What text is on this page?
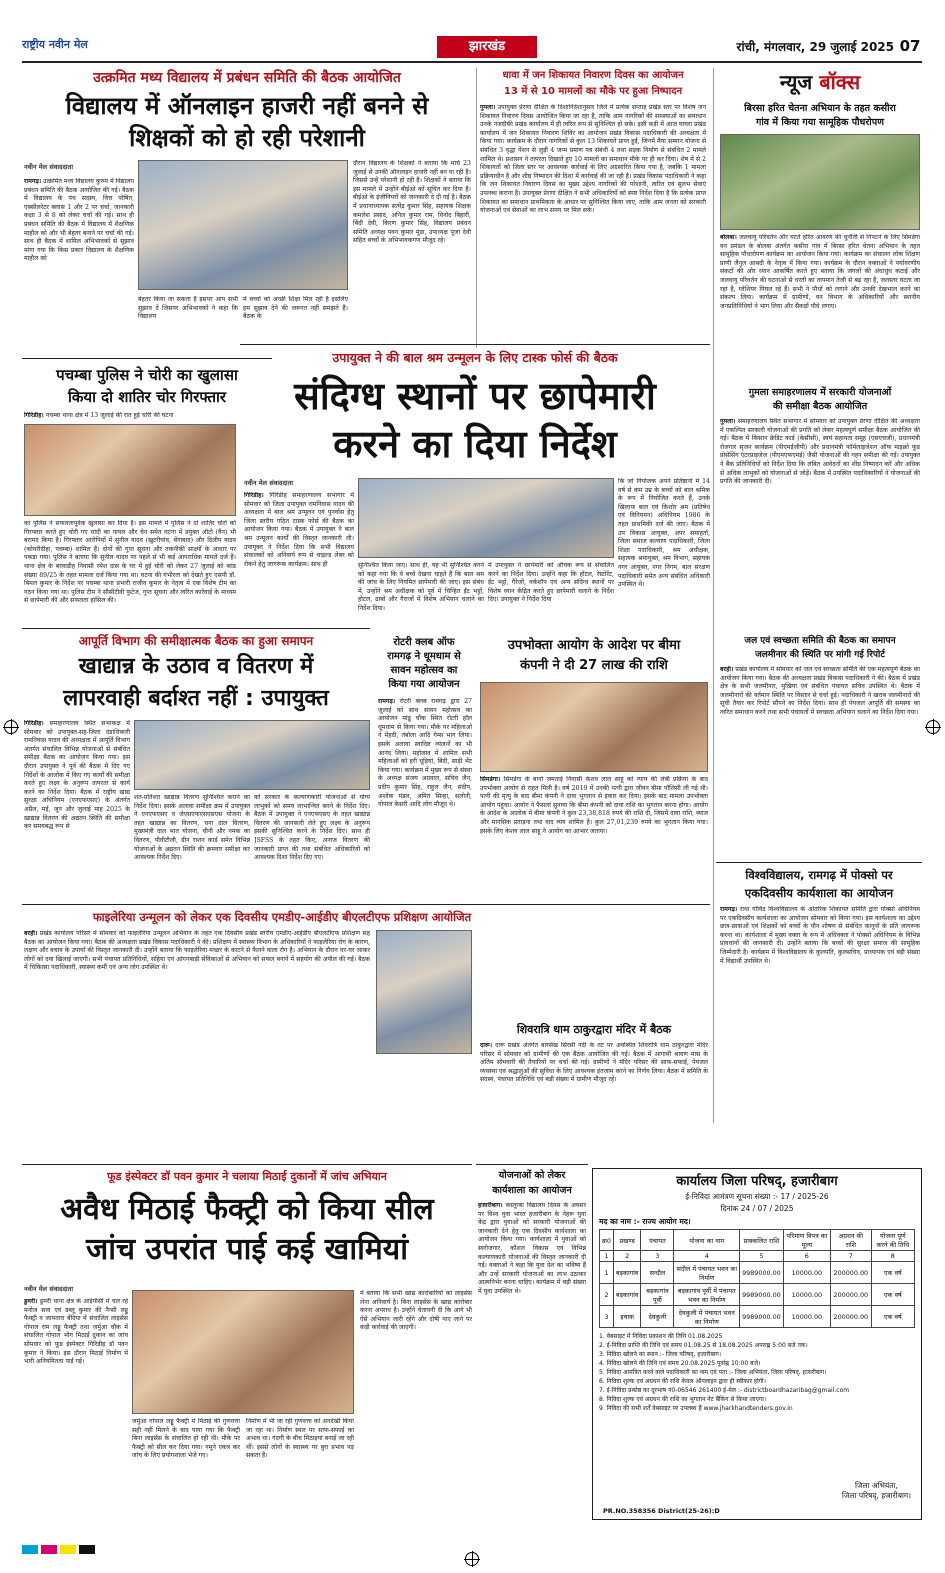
राष्ट्रीय नवीन मेल	झारखंड	रांची, मंगलवार, 29 जुलाई 2025 07
उत्क्रमित मध्य विद्यालय में प्रबंधन समिति की बैठक आयोजित
विद्यालय में ऑनलाइन हाजरी नहीं बनने से
शिक्षकों को हो रही परेशानी
नवीन मेल संवाददाता
रामगढ़। उत्क्रमित मध्य विद्यालय कुरुम में विद्यालय प्रबंधन समिति की बैठक आयोजित की गई। बैठक में विद्यालय के पंच सदस्य, वित्त पोषित, एक्सीलरेटर क्लास 1 और 2 पर चर्चा, जानकारी कक्षा 3 से 8 को लेकर चर्चा की गई। साथ ही प्रबंधन समिति की बैठक में विद्यालय में शैक्षणिक माहौल को और भी बेहतर बनाने पर चर्चा की गई। साथ ही बैठक में शामिल अभिभावकों से सुझाव मांगा गया कि किस प्रकार विद्यालय के शैक्षणिक माहौल को
बेहतर किया जा सकता है इसपर आप सभी सुझाव दें जिसपर अभिभावकों ने कहा कि विद्यालय
में बच्चों को अच्छी शिक्षा मिल रही है इसलिए हम सुझाव देने की जरूरत नहीं समझते हैं। बैठक के
दौरान विद्यालय के शिक्षकों ने बताया कि मार्च 23 जुलाई से उनकी ऑनलाइन हाजरी नहीं बन पा रही है। जिससे उन्हें परेशानी हो रही है। शिक्षकों ने बताया कि इस मामले में उन्होंने बीईओ को सूचित कर दिया है। बीईओ के इंजीनियरों को जानकारी दे दी गई है। बैठक में प्रधानाध्यापक सत्येंद्र कुमार सिंह, सहायक शिक्षक कमलेश प्रसाद, अनिल कुमार राम, विनोद बिहारी, बिंदी देवी, किरण कुमार सिंह, विद्यालय प्रबंधन समिति अध्यक्ष पवन कुमार मुंडा, उपाध्यक्ष पूजा देवी सहित बच्चों के अभिभावकगण मौजूद रहे।
पचम्बा पुलिस ने चोरी का खुलासा
किया दो शातिर चोर गिरफ्तार
गिरिडीह। पचम्बा थाना क्षेत्र में 13 जुलाई की रात हुई चोरी की घटना
का पुलिस ने सफलतापूर्वक खुलासा कर दिया है। इस मामले में पुलिस ने दो शातिर चोरों को गिरफ्तार करते हुए चोरी गए चांदी का पायल और चेन समेत घटना में प्रयुक्त ऑटो (वैन) भी बरामद किया है। गिरफ्तार आरोपियों में सुनील यादव (खुटरीयांव, बेंगाबाद) और दिलीप यादव (कोयरीदीहा, पचम्बा) शामिल हैं। दोनों की गुप्त सूचना और तकनीकी साक्ष्यों के आधार पर पकड़ा गया। पुलिस ने बताया कि सुनील यादव पर पहले से भी कई आपराधिक मामले दर्ज हैं। थाना क्षेत्र के बरवाडीह निवासी रमेश दास के घर में हुई चोरी को लेकर 27 जुलाई को कांड संख्या 89/25 के तहत मामला दर्ज किया गया था। घटना की गंभीरता को देखते हुए एसपी डॉ. बिमल कुमार के निर्देश पर पचम्बा थाना प्रभारी राजीव कुमार के नेतृत्व में एक विशेष टीम का गठन किया गया था। पुलिस टीम ने सीसीटीवी फुटेज, गुप्त सूचना और त्वरित कार्रवाई के माध्यम से छापेमारी की और सफलता हासिल की।
धावा में जन शिकायत निवारण दिवस का आयोजन
13 में से 10 मामलों का मौके पर हुआ निष्पादन
गुमला। उपायुक्त प्रेरणा दीक्षित के दिशानिर्देशानुसार जिले में प्रत्येक सप्ताह प्रखंड स्तर पर विशेष जन शिकायत निवारण दिवस आयोजित किया जा रहा है, ताकि आम नागरिकों की समस्याओं का समाधान उनके नजदीकी प्रखंड कार्यालय में ही त्वरित रूप से सुनिश्चित हो सके। इसी कड़ी में आज घाघरा प्रखंड कार्यालय में जन शिकायत निवारण शिविर का आयोजन प्रखंड विकास पदाधिकारी की अध्यक्षता में किया गया। कार्यक्रम के दौरान नागरिकों से कुल 13 शिकायतें प्राप्त हुईं, जिनमें मैया सम्मान योजना से संबंधित 3 वृद्धा पेंशन से जुड़ी 4 जन्म प्रमाण पत्र संबंधी 4 तथा सड़क निर्माण से संबंधित 2 मामले शामिल थे। प्रशासन ने तत्परता दिखाते हुए 10 मामलों का समाधान मौके पर ही कर दिया। शेष में से 2 शिकायतों को जिला स्तर पर आवश्यक कार्रवाई के लिए अग्रसारित किया गया है, जबकि 1 मामला प्रक्रियाधीन है और शीघ्र निष्पादन की दिशा में कार्रवाई की जा रही है। प्रखंड विकास पदाधिकारी ने कहा कि जन शिकायत निवारण दिवस का मुख्य उद्देश्य नागरिकों की परेशानी, त्वरित एवं सुलभ सेवाएं उपलब्ध कराना है। उपायुक्त प्रेरणा दीक्षित ने सभी अधिकारियों को स्पष्ट निर्देश दिया है कि प्रत्येक प्राप्त शिकायत का समाधान प्राथमिकता के आधार पर सुनिश्चित किया जाए, ताकि आम जनता को सरकारी योजनाओं एवं सेवाओं का लाभ समय पर मिल सके।
उपायुक्त ने की बाल श्रम उन्मूलन के लिए टास्क फोर्स की बैठक
संदिग्ध स्थानों पर छापेमारी
करने का दिया निर्देश
नवीन मेल संवाददाता
गिरिडीह। गिरिडीह समाहरणालय सभागार में सोमवार को जिला उपायुक्त रामनिवास यादव की अध्यक्षता में बाल श्रम उन्मूलन एवं पुनर्वास हेतु जिला स्तरीय गठित टास्क फोर्स की बैठक का आयोजन किया गया। बैठक में उपायुक्त ने बाल श्रम उन्मूलन कार्यों की विस्तृत जानकारी ली। उपायुक्त ने निर्देश दिया कि सभी विद्यालय संचालकों को अनिवार्य रूप से चाइल्ड लेबर को रोकने हेतु जागरूक कार्यक्रम। साथ ही	सुनिश्चित किया जाए। साथ ही, यह भी सुनिश्चित करने को कहा गया कि वे बच्चे देखना चाहते हैं कि बाल श्रम की जांच के लिए नियमित छापेमारी की जाए। इस संबंध में, उन्होंने श्रम अधीक्षक को पूर्व में चिन्हित ईंट भट्ठों, होटल, ढाबों और गैराजों में विशेष अभियान चलाने का निर्देश दिया।
में उपायुक्त ने छापेमारी को औचक रूप से संचालित करने का निर्देश दिया। उन्होंने कहा कि होटल, रेस्टोरेंट, ईंट भट्ठों, गैरेजों, वर्कशॉप एवं अन्य संदिग्ध स्थानों पर विशेष ध्यान केंद्रित करते हुए छापेमारी चलाने के निर्देश दिए। उपायुक्त ने निर्देश दिया
कि जो नियोजक अपने प्रतिष्ठानों में 14 वर्ष से कम उम्र के बच्चों को बाल श्रमिक के रूप में नियोजित करते हैं, उनके खिलाफ बाल एवं किशोर श्रम (प्रतिषेध एवं विनियमन) अधिनियम 1986 के तहत प्राथमिकी दर्ज की जाए। बैठक में उप विकास आयुक्त, अपर समाहर्ता, जिला समाज कल्याण पदाधिकारी, जिला शिक्षा पदाधिकारी, श्रम अधीक्षक, सहायक श्रमायुक्त, श्रम विभाग, सहायक नगर आयुक्त, नगर निगम, बाल संरक्षण पदाधिकारी समेत अन्य संबंधित अधिकारी उपस्थित थे।
आपूर्ति विभाग की समीक्षात्मक बैठक का हुआ समापन
खाद्यान्न के उठाव व वितरण में
लापरवाही बर्दाश्त नहीं : उपायुक्त
गिरिडीह। समाहरणालय स्थित सभाकक्ष में सोमवार को उपायुक्त-सह-जिला दंडाधिकारी रामनिवास यादव की अध्यक्षता में आपूर्ति विभाग अंतर्गत संचालित विभिन्न योजनाओं से संबंधित समीक्षा बैठक का आयोजन किया गया। इस दौरान उपायुक्त ने पूर्व की बैठक में दिए गए निर्देशों के आलोक में किए गए कार्यों की समीक्षा करते हुए लक्ष्य के अनुरूप तत्परता से कार्य करने का निर्देश दिया। बैठक में राष्ट्रीय खाद्य सुरक्षा अधिनियम (एनएफएसए) के अंतर्गत अप्रैल, मई, जून और जुलाई माह 2025 के खाद्यान्न वितरण की अद्यतन स्थिति की समीक्षा कर समयबद्ध रूप से
शत-प्रतिशत खाद्यान्न वितरण सुनिश्चित कराने का निर्देश दिया। इसके अलावा समीक्षा क्रम में उपायुक्त ने एनएफएसए व जेएसएफएसएसएस योजना के तहत खाद्यान्न का वितरण, चना दाल वितरण, मुख्यमंत्री दाल भात योजना, चीनी और नमक का वितरण, पीवीटीजी, ग्रीन राशन कार्ड समेत विभिन्न योजनाओं के अद्यतन स्थिति की क्रमवार समीक्षा कर आवश्यक निर्देश दिए।
को सरकार के कल्याणकारी योजनाओं से योग्य लाभुकों को समय लाभान्वित करने के निर्देश दिए। बैठक में उपायुक्त ने एनएफएसए के तहत खाद्यान्न वितरण की जानकारी लेते हुए लक्ष्य के अनुरूप इसकी सुनिश्चित करने के निर्देश दिए। साथ ही JSFSS के तहत किए, अनाज वितरण की जानकारी प्राप्त की तथा संबंधित अधिकारियों को आवश्यक दिशा निर्देश दिए गए।
रोटरी क्लब ऑफ
रामगढ़ ने धूमधाम से
सावन महोत्सव का
किया गया आयोजन
रामगढ़। रोटरी क्लब रामगढ़ द्वारा 27 जुलाई को साथ सावन महोत्सव का आयोजन मांडू चौक स्थित रोटरी हॉल धूमधाम से किया गया। मौके पर महिलाओं ने मेंहदी, तंबोला आदि गेम्स भाग लिया। इसके अलावा स्वादिष्ट व्यंजनों का भी आनंद लिया। महोत्सव में शामिल सभी महिलाओं को हरी चूड़ियां, बिंदी, साड़ी भेंट किया गया। कार्यक्रम में मुख्य रूप से संस्था के अध्यक्ष संजय अग्रवाल, सचिव जैन, प्रदीप कुमार सिंह, राहुल जैन, संदीप, अशोक मंडल, अमित सिन्हा, सलोनी, गोपाल केसरी आदि लोग मौजूद थे।
उपभोक्ता आयोग के आदेश पर बीमा
कंपनी ने दी 27 लाख की राशि
सिमडेगा। सिमडेगा के बानो जमताई निवासी केशव लाल साहू को न्याय की लंबी प्रक्रिया के बाद उपभोक्ता आयोग से राहत मिली है। वर्ष 2019 में उनकी पत्नी द्वारा जीवन बीमा पॉलिसी ली गई थी। पत्नी की मृत्यु के बाद बीमा कंपनी ने दावा भुगतान से इंकार कर दिया। इसके बाद मामला उपभोक्ता आयोग पहुंचा। आयोग ने फैसला सुनाया कि बीमा कंपनी को दावा राशि का भुगतान करना होगा। आयोग के आदेश के आलोक में बीमा कंपनी ने कुल 23,38,818 रुपये की राशि दी, जिसमें दावा राशि, ब्याज और मानसिक प्रताड़ना तथा वाद व्यय शामिल है। कुल 27,01,239 रुपये का भुगतान किया गया। इसके लिए केशव लाल साहू ने आयोग का आभार जताया।
न्यूज बॉक्स
बिरसा हरित चेतना अभियान के तहत कसीरा
गांव में किया गया सामूहिक पौधरोपण
बोलबा। जलवायु परिवर्तन और घटते हरित आवरण की चुनौती से निपटने के लिए सिमडेगा वन प्रमंडल के बोलबा अंतर्गत कसीरा गांव में बिरसा हरित चेतना अभियान के तहत सामूहिक पौधारोपण कार्यक्रम का आयोजन किया गया। कार्यक्रम का संचालन लोक शिक्षण प्राणी जैनुल आबदी के नेतृत्व में किया गया। कार्यक्रम के दौरान वक्ताओं ने पर्यावरणीय संकटों की ओर ध्यान आकर्षित करते हुए बताया कि जंगलों की अंधाधुंध कटाई और जलवायु परिवर्तन की घटनाओं से धरती का तापमान तेजी से बढ़ रहा है, जलस्तर घटता जा रहा है, ग्लेशियर पिघल रहे हैं। सभी ने पौधों को लगाने और उनकी देखभाल करने का संकल्प लिया। कार्यक्रम में ग्रामीणों, वन विभाग के अधिकारियों और स्थानीय जनप्रतिनिधियों ने भाग लिया और सैकड़ों पौधे लगाए।
गुमला समाहरणालय में सरकारी योजनाओं
की समीक्षा बैठक आयोजित
गुमला। समाहरणालय स्थित सभागार में सोमवार को उपायुक्त प्रेरणा दीक्षित की अध्यक्षता में एकल्पित सरकारी योजनाओं की प्रगति को लेकर महत्वपूर्ण समीक्षा बैठक आयोजित की गई। बैठक में किसान क्रेडिट कार्ड (केसीसी), स्वयं सहायता समूह (एसएचजी), प्रधानमंत्री रोजगार सृजन कार्यक्रम (पीएमईजीपी) और प्रधानमंत्री फॉर्मलाइजेशन ऑफ माइक्रो फूड प्रोसेसिंग एंटरप्राइजेज (पीएमएफएमई) जैसी योजनाओं की गहन समीक्षा की गई। उपायुक्त ने बैंक प्रतिनिधियों को निर्देश दिया कि लंबित आवेदनों का शीघ्र निष्पादन करें और अधिक से अधिक लाभुकों को योजनाओं से जोड़ें। बैठक में उपस्थित पदाधिकारियों ने योजनाओं की प्रगति की जानकारी दी।
जल एवं स्वच्छता समिति की बैठक का समापन
जलमीनार की स्थिति पर मांगी गई रिपोर्ट
बरही। प्रखंड कार्यालय में सोमवार को जल एवं स्वच्छता समिति की एक महत्वपूर्ण बैठक का आयोजन किया गया। बैठक की अध्यक्षता प्रखंड विकास पदाधिकारी ने की। बैठक में प्रखंड क्षेत्र के सभी जलमीनार, मुखिया एवं संबंधित पंचायत सचिव उपस्थित थे। बैठक में जलमीनारों की वर्तमान स्थिति पर विस्तार से चर्चा हुई। पदाधिकारी ने खराब जलमीनारों की सूची तैयार कर रिपोर्ट सौंपने का निर्देश दिया। साथ ही पेयजल आपूर्ति की समस्या का त्वरित समाधान करने तथा सभी पंचायतों में स्वच्छता अभियान चलाने का निर्देश दिया गया।
विश्वविद्यालय, रामगढ़ में पोक्सो पर
एकदिवसीय कार्यशाला का आयोजन
रामगढ़। राधा गोविंद विश्वविद्यालय के आंतरिक शिकायत समिति द्वारा पोक्सो अधिनियम पर एकदिवसीय कार्यशाला का आयोजन सोमवार को किया गया। इस कार्यशाला का उद्देश्य छात्र-छात्राओं एवं शिक्षकों को बच्चों के यौन शोषण से संबंधित कानूनों के प्रति जागरूक करना था। कार्यशाला में मुख्य वक्ता के रूप में अधिवक्ता ने पोक्सो अधिनियम के विभिन्न प्रावधानों की जानकारी दी। उन्होंने बताया कि बच्चों की सुरक्षा समाज की सामूहिक जिम्मेदारी है। कार्यक्रम में विश्वविद्यालय के कुलपति, कुलसचिव, प्राध्यापक एवं बड़ी संख्या में विद्यार्थी उपस्थित थे।
फाइलेरिया उन्मूलन को लेकर एक दिवसीय एमडीए-आईडीए बीएलटीएफ प्रशिक्षण आयोजित
बरही। प्रखंड कार्यालय परिसर में सोमवार को फाइलेरिया उन्मूलन अभियान के तहत एक दिवसीय प्रखंड स्तरीय एमडीए-आईडीए बीएलटीएफ प्रशिक्षण सह बैठक का आयोजन किया गया। बैठक की अध्यक्षता प्रखंड विकास पदाधिकारी ने की। प्रशिक्षण में स्वास्थ्य विभाग के अधिकारियों ने फाइलेरिया रोग के कारण, लक्षण और बचाव के उपायों की विस्तृत जानकारी दी। उन्होंने बताया कि फाइलेरिया मच्छर के काटने से फैलने वाला रोग है। अभियान के दौरान घर-घर जाकर लोगों को दवा खिलाई जाएगी। सभी पंचायत प्रतिनिधियों, सहिया एवं आंगनबाड़ी सेविकाओं से अभियान को सफल बनाने में सहयोग की अपील की गई। बैठक में चिकित्सा पदाधिकारी, स्वास्थ्य कर्मी एवं अन्य लोग उपस्थित थे।
शिवरात्रि धाम ठाकुरद्वारा मंदिर में बैठक
दारू। दारू प्रखंड अंतर्गत बलसेख सिरसी नदी के तट पर अवस्थित शिवरात्रि धाम ठाकुरद्वारा मंदिर परिसर में सोमवार को ग्रामीणों की एक बैठक आयोजित की गई। बैठक में आगामी श्रावण मास के अंतिम सोमवारी की तैयारियों पर चर्चा की गई। ग्रामीणों ने मंदिर परिसर की साफ-सफाई, पेयजल व्यवस्था एवं श्रद्धालुओं की सुविधा के लिए आवश्यक इंतजाम करने का निर्णय लिया। बैठक में समिति के सदस्य, पंचायत प्रतिनिधि एवं बड़ी संख्या में ग्रामीण मौजूद रहे।
फूड इंस्पेक्टर डॉ पवन कुमार ने चलाया मिठाई दुकानों में जांच अभियान
अवैध मिठाई फैक्ट्री को किया सील
जांच उपरांत पाई कई खामियां
नवीन मेल संवाददाता
डुमरी। डुमरी थाना क्षेत्र के आईपीसी में चल रहे मनोज साव एवं डब्लू कुमार की नैन्सी लड्डू फैक्ट्री व जामतारा बेंदिया में संचालित लाइसेंस गोपाल राम लड्डू फैक्ट्री तथा जर्मुआ चौक में संचालित गोपाल भोग मिठाई दुकान का जांच सोमवार को फूड इंस्पेक्टर गिरिडीह डॉ पवन कुमार ने किया। इस दौरान मिठाई निर्माण में भारी अनियमितता पाई गई।
जर्मुआ गोपाल लड्डू फैक्ट्री में मिठाई की गुणवत्ता सही नहीं मिलने के बाद पाया गया कि फैक्ट्री बिना लाइसेंस के संचालित हो रही थी। मौके पर फैक्ट्री को सील कर दिया गया। नमूने एकत्र कर जांच के लिए प्रयोगशाला भेजे गए।
निर्माण में भी जा रही गुणवत्ता को अनदेखी किया जा रहा था। निर्माण स्थल पर साफ-सफाई का अभाव था। गंदगी के बीच मिठाइयां बनाई जा रही थीं। इससे लोगों के स्वास्थ्य पर बुरा प्रभाव पड़ सकता है।
में बताया कि सभी खाद्य कारोबारियों को लाइसेंस लेना अनिवार्य है। बिना लाइसेंस के खाद्य कारोबार करना अपराध है। उन्होंने चेतावनी दी कि आगे भी ऐसे अभियान जारी रहेंगे और दोषी पाए जाने पर कड़ी कार्रवाई की जाएगी।
योजनाओं को लेकर
कार्यशाला का आयोजन
हजारीबाग। कस्तूरबा विद्यालय दिवस के अवसर पर विश्व युवा भारत हजारीबाग के नेहरू युवा केंद्र द्वारा युवाओं को सरकारी योजनाओं की जानकारी देने हेतु एक दिवसीय कार्यशाला का आयोजन किया गया। कार्यशाला में युवाओं को स्वरोजगार, कौशल विकास एवं विभिन्न कल्याणकारी योजनाओं की विस्तृत जानकारी दी गई। वक्ताओं ने कहा कि युवा देश का भविष्य हैं और उन्हें सरकारी योजनाओं का लाभ उठाकर आत्मनिर्भर बनना चाहिए। कार्यक्रम में बड़ी संख्या में युवा उपस्थित थे।
कार्यालय जिला परिषद्, हजारीबाग
ई-निविदा आमंत्रण सूचना संख्या :- 17 / 2025-26
दिनांक 24 / 07 / 2025
मद का नाम :- राज्य आयोग मद।
क्र0	प्रखण्ड	पंचायत	योजना का नाम	प्राक्कलित राशि	परिमाण विपत्र का मूल्य	अग्रधन की राशि	योजना पूर्ण करने की तिथि
1	2	3	4	5	6	7	8
1	बड़कागांव	सन्दौल	संदौल में पंचायत भवन का निर्माण	9989000.00	10000.00	200000.00	एक वर्ष
2	बड़कागांव	बड़कागांव पूर्वी	बड़कागांव पूर्वी में पंचायत भवन का निर्माण	9989000.00	10000.00	200000.00	एक वर्ष
3	इचाक	देवकुली	देवकुली में पंचायत भवन का निर्माण	9989000.00	10000.00	200000.00	एक वर्ष
1. वेबसाइट में निविदा प्रकाशन की तिथि 01.08.2025
2. ई-निविदा प्राप्ति की तिथि एवं समय 01.08.25 से 18.08.2025 अपराह्न 5:00 बजे तक।
3. निविदा खोलने का स्थान :- जिला परिषद्, हजारीबाग।
4. निविदा खोलने की तिथि एवं समय 20.08.2025 पूर्वाह्न 10:00 बजे।
5. निविदा आमंत्रित करने वाले पदाधिकारी का नाम एवं पता :- जिला अभियंता, जिला परिषद्, हजारीबाग।
6. निविदा शुल्क एवं अग्रधन की राशि केवल ऑनलाइन द्वारा ही स्वीकार होगी।
7. ई-निविदा प्रकोष्ठ का दूरभाष नं0-06546 261400 ई-मेल :- districtboardhazaribag@gmail.com
8. निविदा शुल्क एवं अग्रधन की राशि का भुगतान नेट बैंकिंग से किया जाएगा।
9. निविदा की सभी शर्तें वेबसाइट पर उपलब्ध हैं www.jharkhandtenders.gov.in
जिला अभियंता,
जिला परिषद्, हजारीबाग।
PR.NO.358356 District(25-26):D
